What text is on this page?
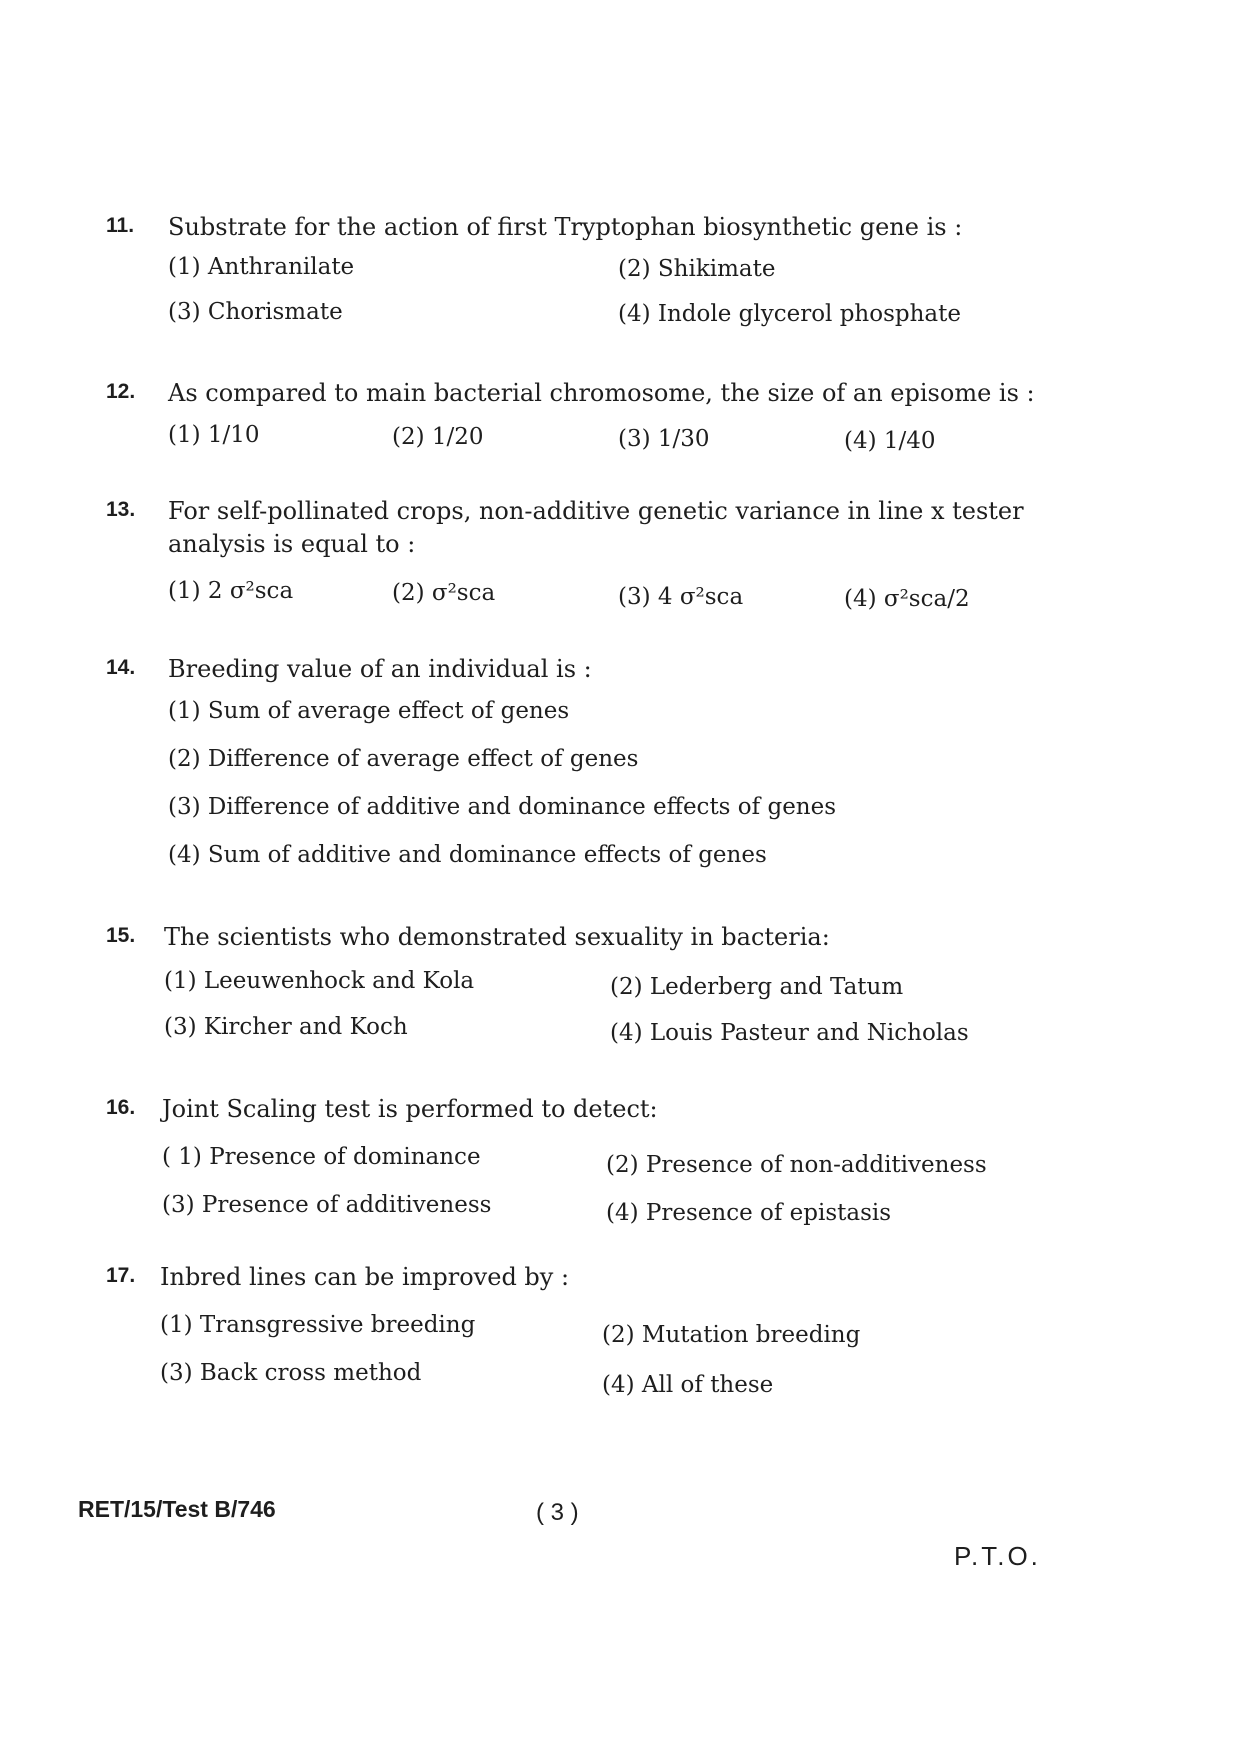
11. Substrate for the action of first Tryptophan biosynthetic gene is :
(1) Anthranilate	(2) Shikimate
(3) Chorismate	(4) Indole glycerol phosphate
12. As compared to main bacterial chromosome, the size of an episome is :
(1) 1/10	(2) 1/20	(3) 1/30	(4) 1/40
13. For self-pollinated crops, non-additive genetic variance in line x tester analysis is equal to :
(1) 2 σ²sca	(2) σ²sca	(3) 4 σ²sca	(4) σ²sca/2
14. Breeding value of an individual is :
(1) Sum of average effect of genes
(2) Difference of average effect of genes
(3) Difference of additive and dominance effects of genes
(4) Sum of additive and dominance effects of genes
15. The scientists who demonstrated sexuality in bacteria:
(1) Leeuwenhock and Kola	(2) Lederberg and Tatum
(3) Kircher and Koch	(4) Louis Pasteur and Nicholas
16. Joint Scaling test is performed to detect:
( 1) Presence of dominance	(2) Presence of non-additiveness
(3) Presence of additiveness	(4) Presence of epistasis
17. Inbred lines can be improved by :
(1) Transgressive breeding	(2) Mutation breeding
(3) Back cross method	(4) All of these
RET/15/Test B/746	( 3 )
P.T.O.
